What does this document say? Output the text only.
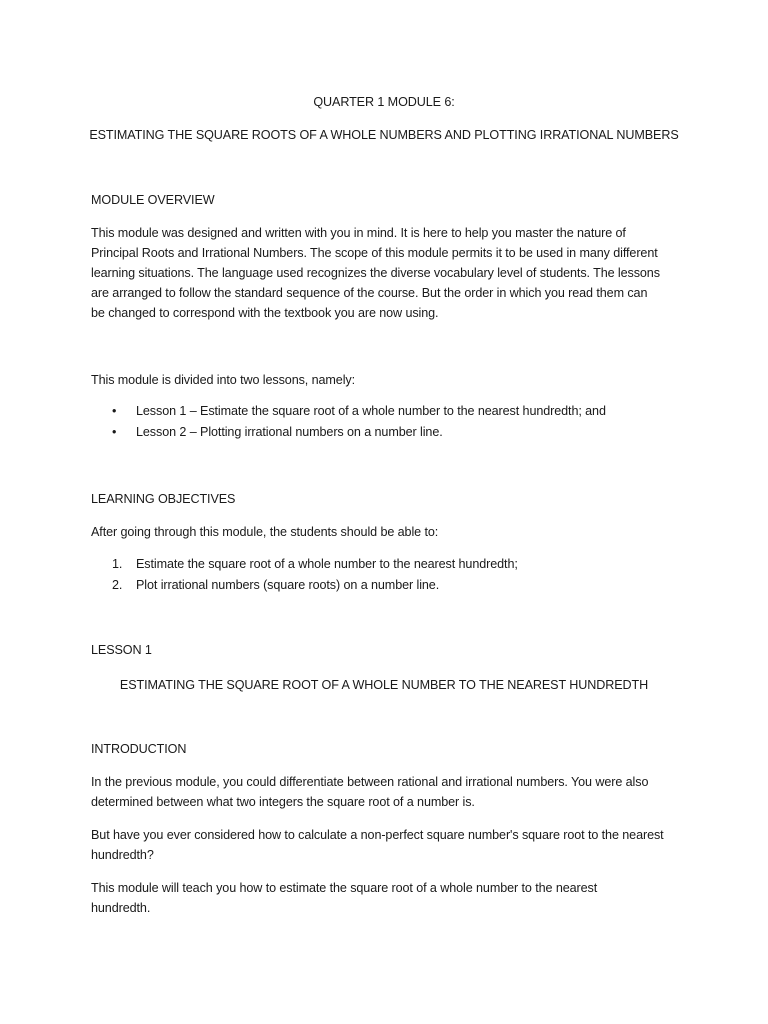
QUARTER 1 MODULE 6:
ESTIMATING THE SQUARE ROOTS OF A WHOLE NUMBERS AND PLOTTING IRRATIONAL NUMBERS
MODULE OVERVIEW
This module was designed and written with you in mind. It is here to help you master the nature of
Principal Roots and Irrational Numbers. The scope of this module permits it to be used in many different
learning situations. The language used recognizes the diverse vocabulary level of students. The lessons
are arranged to follow the standard sequence of the course. But the order in which you read them can
be changed to correspond with the textbook you are now using.
This module is divided into two lessons, namely:
• Lesson 1 – Estimate the square root of a whole number to the nearest hundredth; and
• Lesson 2 – Plotting irrational numbers on a number line.
LEARNING OBJECTIVES
After going through this module, the students should be able to:
1. Estimate the square root of a whole number to the nearest hundredth;
2. Plot irrational numbers (square roots) on a number line.
LESSON 1
ESTIMATING THE SQUARE ROOT OF A WHOLE NUMBER TO THE NEAREST HUNDREDTH
INTRODUCTION
In the previous module, you could differentiate between rational and irrational numbers. You were also
determined between what two integers the square root of a number is.
But have you ever considered how to calculate a non-perfect square number's square root to the nearest
hundredth?
This module will teach you how to estimate the square root of a whole number to the nearest
hundredth.
